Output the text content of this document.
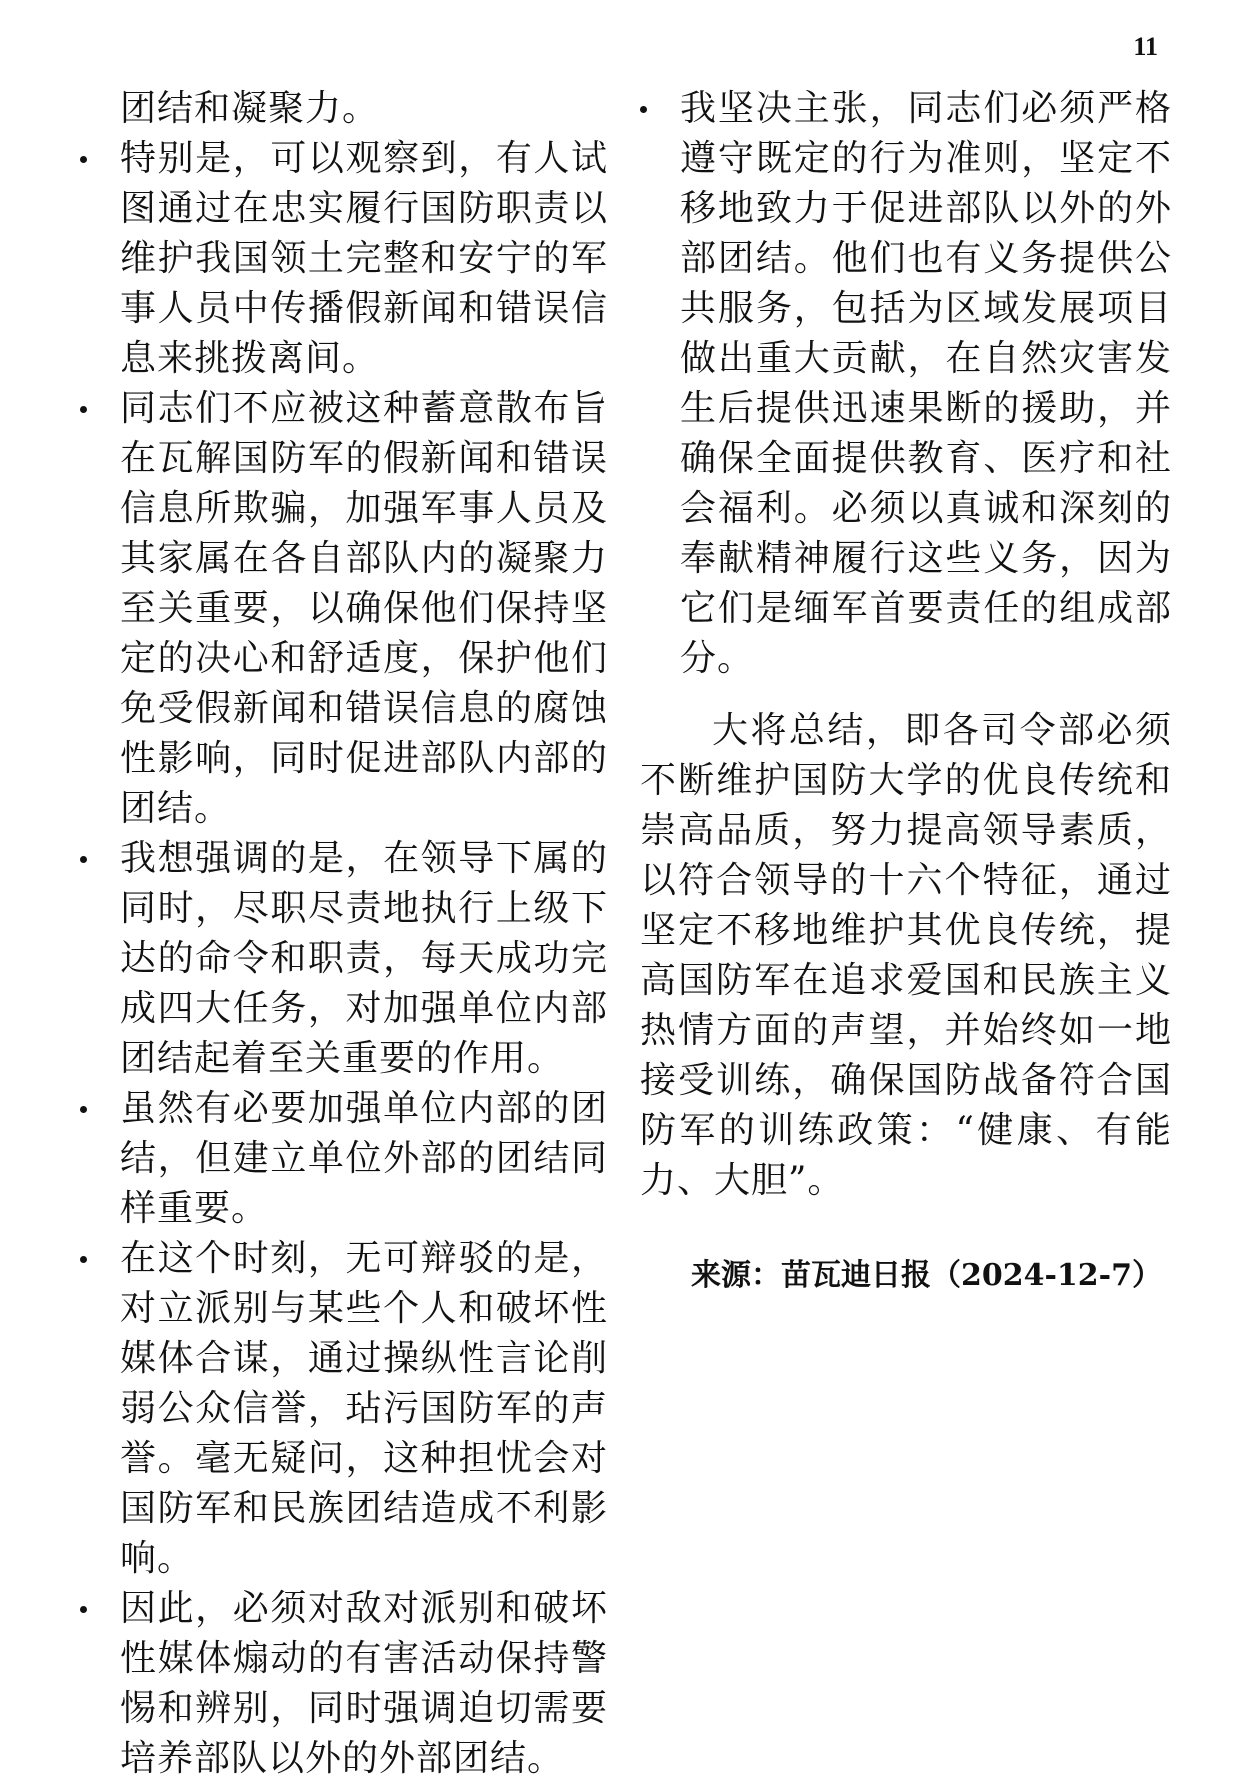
11

团结和凝聚力。

特别是，可以观察到，有人试图通过在忠实履行国防职责以维护我国领土完整和安宁的军事人员中传播假新闻和错误信息来挑拨离间。
同志们不应被这种蓄意散布旨在瓦解国防军的假新闻和错误信息所欺骗，加强军事人员及其家属在各自部队内的凝聚力至关重要，以确保他们保持坚定的决心和舒适度，保护他们免受假新闻和错误信息的腐蚀性影响，同时促进部队内部的团结。
我想强调的是，在领导下属的同时，尽职尽责地执行上级下达的命令和职责，每天成功完成四大任务，对加强单位内部团结起着至关重要的作用。
虽然有必要加强单位内部的团结，但建立单位外部的团结同样重要。
在这个时刻，无可辩驳的是，对立派别与某些个人和破坏性媒体合谋，通过操纵性言论削弱公众信誉，玷污国防军的声誉。毫无疑问，这种担忧会对国防军和民族团结造成不利影响。
因此，必须对敌对派别和破坏性媒体煽动的有害活动保持警惕和辨别，同时强调迫切需要培养部队以外的外部团结。
我坚决主张，同志们必须严格遵守既定的行为准则，坚定不移地致力于促进部队以外的外部团结。他们也有义务提供公共服务，包括为区域发展项目做出重大贡献，在自然灾害发生后提供迅速果断的援助，并确保全面提供教育、医疗和社会福利。必须以真诚和深刻的奉献精神履行这些义务，因为它们是缅军首要责任的组成部分。

大将总结，即各司令部必须不断维护国防大学的优良传统和崇高品质，努力提高领导素质，以符合领导的十六个特征，通过坚定不移地维护其优良传统，提高国防军在追求爱国和民族主义热情方面的声望，并始终如一地接受训练，确保国防战备符合国防军的训练政策：“健康、有能力、大胆”。

来源：苗瓦迪日报（2024-12-7）
